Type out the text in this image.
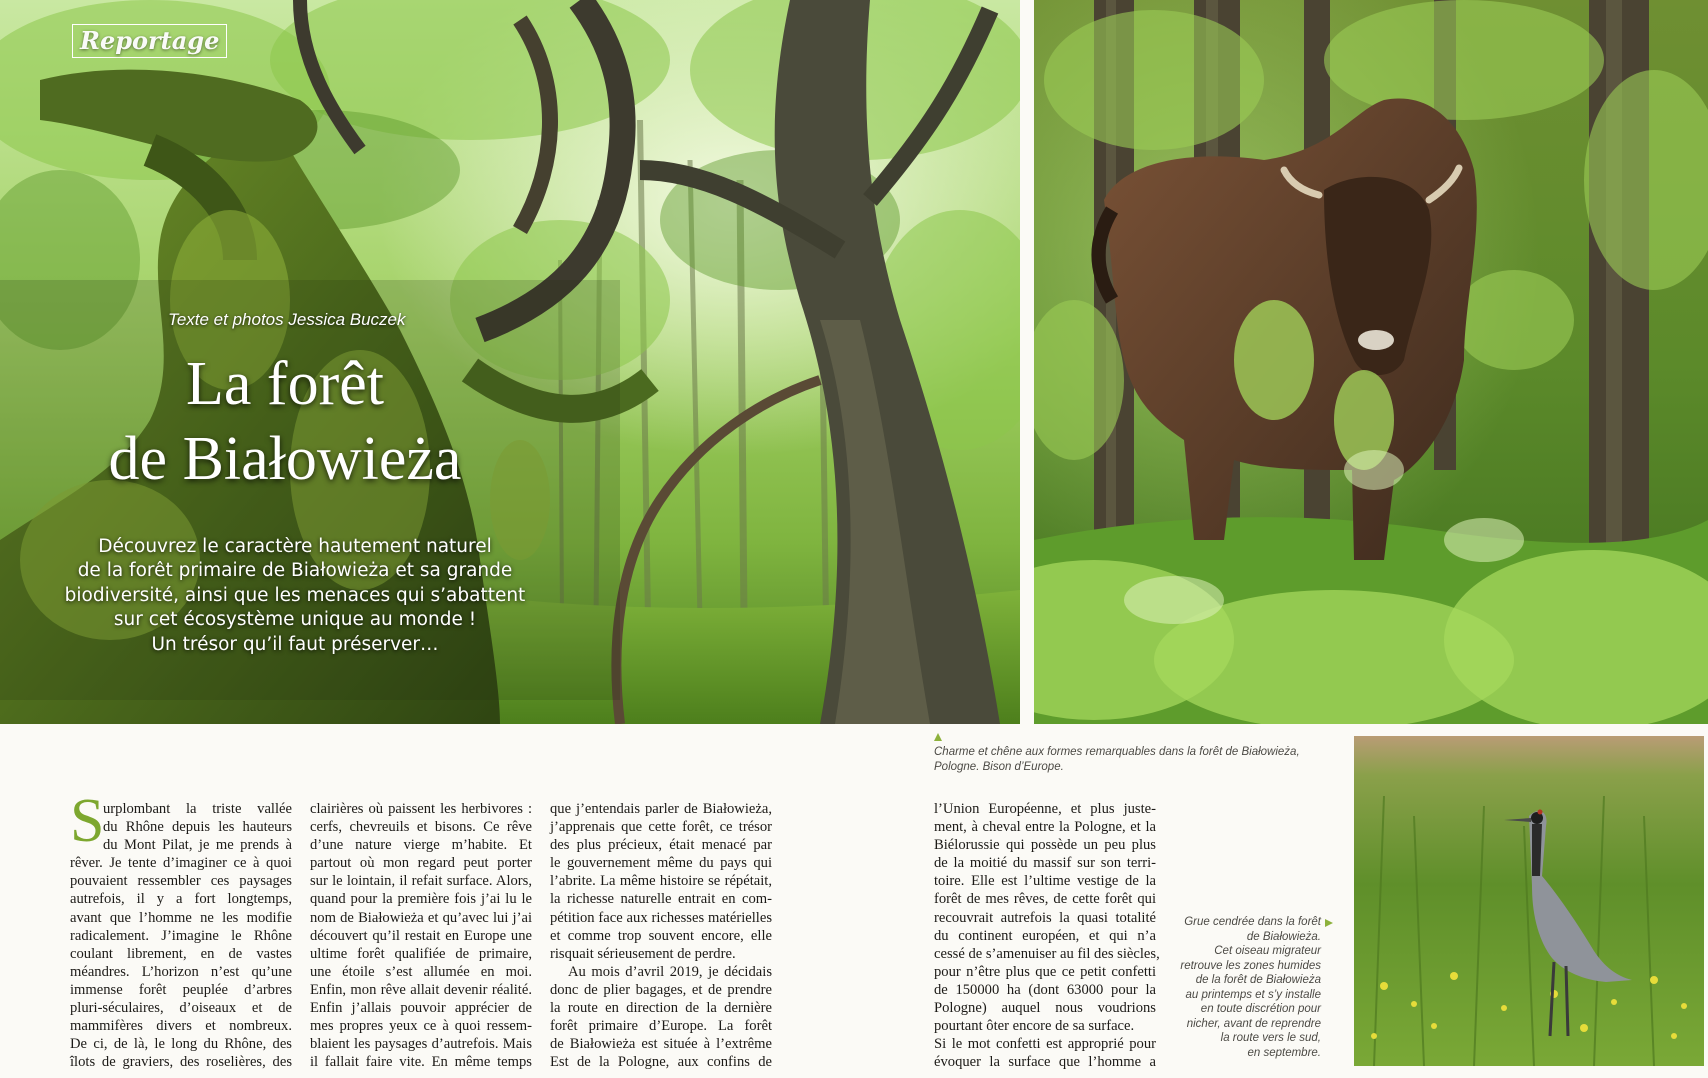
Reportage
Texte et photos Jessica Buczek
La forêt
de Białowieża
Découvrez le caractère hautement naturel
de la forêt primaire de Białowieża et sa grande
biodiversité, ainsi que les menaces qui s’abattent
sur cet écosystème unique au monde !
Un trésor qu’il faut préserver…
Charme et chêne aux formes remarquables dans la forêt de Białowieża,
Pologne. Bison d’Europe.
Grue cendrée dans la forêt
de Białowieża.
Cet oiseau migrateur
retrouve les zones humides
de la forêt de Białowieża
au printemps et s’y installe
en toute discrétion pour
nicher, avant de reprendre
la route vers le sud,
en septembre.
S
urplombant la triste vallée
du Rhône depuis les hauteurs
du Mont Pilat, je me prends à
rêver. Je tente d’imaginer ce à quoi
pouvaient ressembler ces paysages
autrefois, il y a fort longtemps,
avant que l’homme ne les modifie
radicalement. J’imagine le Rhône
coulant librement, en de vastes
méandres. L’horizon n’est qu’une
immense forêt peuplée d’arbres
pluri-séculaires, d’oiseaux et de
mammifères divers et nombreux.
De ci, de là, le long du Rhône, des
îlots de graviers, des roselières, des
clairières où paissent les herbivores :
cerfs, chevreuils et bisons. Ce rêve
d’une nature vierge m’habite. Et
partout où mon regard peut porter
sur le lointain, il refait surface. Alors,
quand pour la première fois j’ai lu le
nom de Białowieża et qu’avec lui j’ai
découvert qu’il restait en Europe une
ultime forêt qualifiée de primaire,
une étoile s’est allumée en moi.
Enfin, mon rêve allait devenir réalité.
Enfin j’allais pouvoir apprécier de
mes propres yeux ce à quoi ressem-
blaient les paysages d’autrefois. Mais
il fallait faire vite. En même temps
que j’entendais parler de Białowieża,
j’apprenais que cette forêt, ce trésor
des plus précieux, était menacé par
le gouvernement même du pays qui
l’abrite. La même histoire se répétait,
la richesse naturelle entrait en com-
pétition face aux richesses matérielles
et comme trop souvent encore, elle
risquait sérieusement de perdre.
Au mois d’avril 2019, je décidais
donc de plier bagages, et de prendre
la route en direction de la dernière
forêt primaire d’Europe. La forêt
de Białowieża est située à l’extrême
Est de la Pologne, aux confins de
l’Union Européenne, et plus juste-
ment, à cheval entre la Pologne, et la
Biélorussie qui possède un peu plus
de la moitié du massif sur son terri-
toire. Elle est l’ultime vestige de la
forêt de mes rêves, de cette forêt qui
recouvrait autrefois la quasi totalité
du continent européen, et qui n’a
cessé de s’amenuiser au fil des siècles,
pour n’être plus que ce petit confetti
de 150000 ha (dont 63000 pour la
Pologne) auquel nous voudrions
pourtant ôter encore de sa surface.
Si le mot confetti est approprié pour
évoquer la surface que l’homme a
